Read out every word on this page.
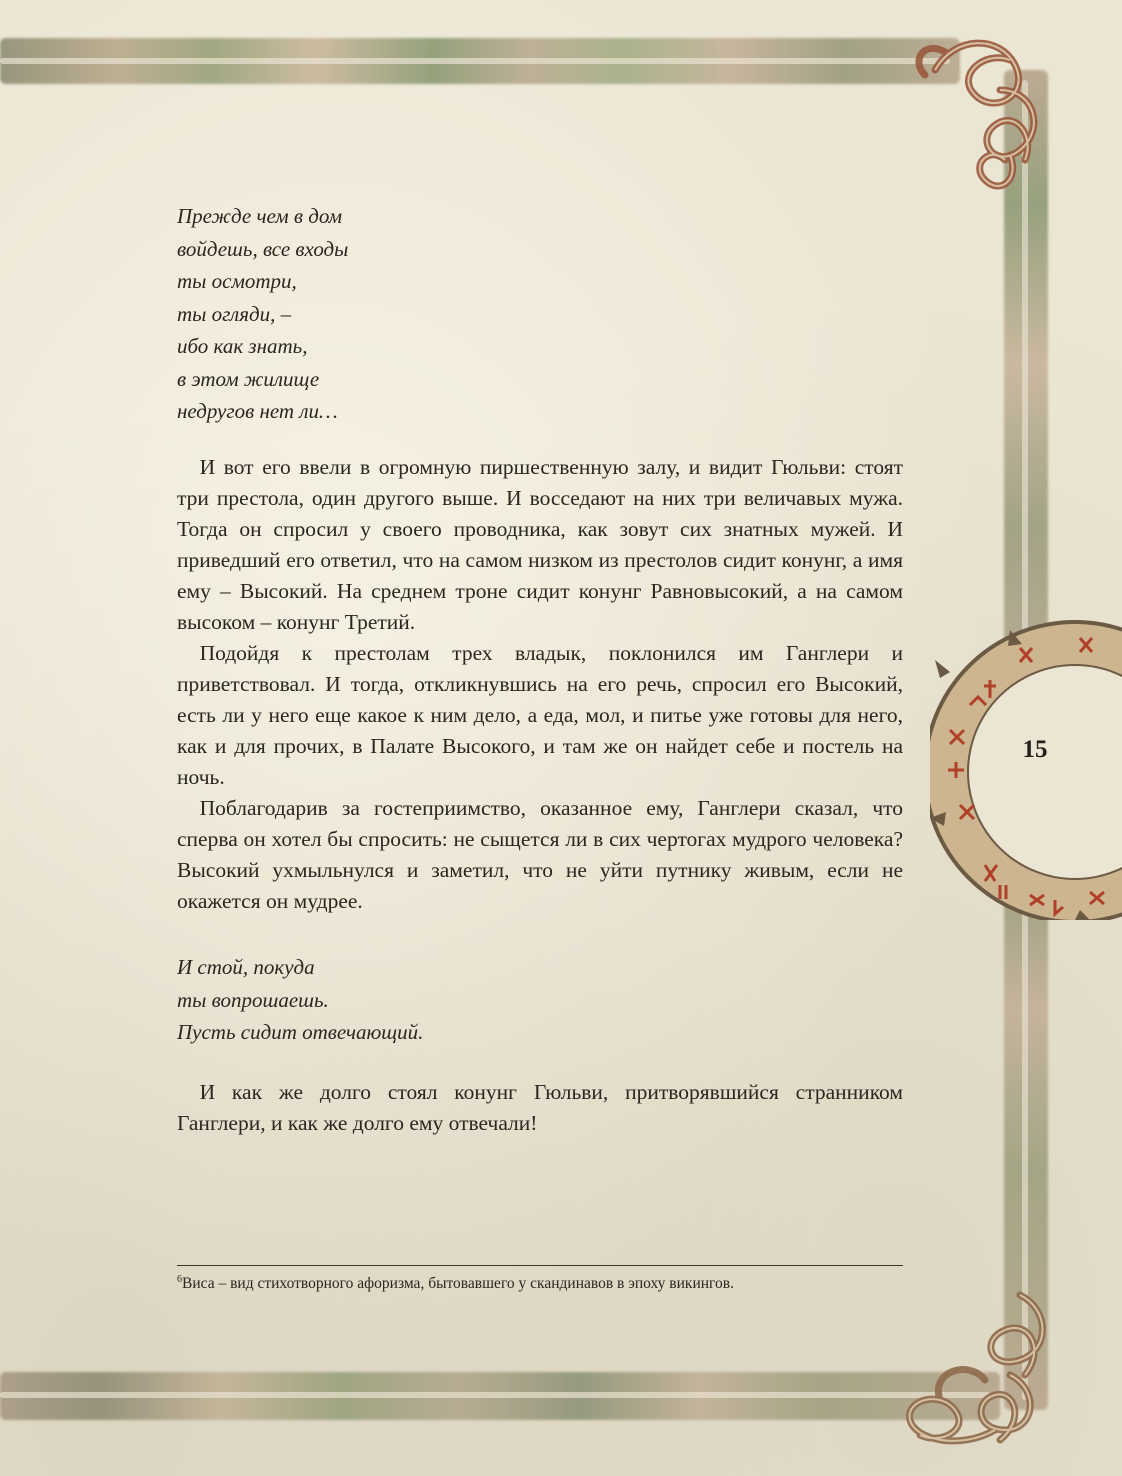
15
Прежде чем в дом
войдешь, все входы
ты осмотри,
ты огляди, –
ибо как знать,
в этом жилище
недругов нет ли…
И вот его ввели в огромную пиршественную залу, и видит Гюльви: стоят три престола, один другого выше. И восседают на них три величавых мужа. Тогда он спросил у своего проводника, как зовут сих знатных мужей. И приведший его ответил, что на самом низком из престолов сидит конунг, а имя ему – Высокий. На среднем троне сидит конунг Равновысокий, а на самом высоком – конунг Третий.
Подойдя к престолам трех владык, поклонился им Ганглери и приветствовал. И тогда, откликнувшись на его речь, спросил его Высокий, есть ли у него еще какое к ним дело, а еда, мол, и питье уже готовы для него, как и для прочих, в Палате Высокого, и там же он найдет себе и постель на ночь.
Поблагодарив за гостеприимство, оказанное ему, Ганглери сказал, что сперва он хотел бы спросить: не сыщется ли в сих чертогах мудрого человека? Высокий ухмыльнулся и заметил, что не уйти путнику живым, если не окажется он мудрее.
И стой, покуда
ты вопрошаешь.
Пусть сидит отвечающий.
И как же долго стоял конунг Гюльви, притворявшийся странником Ганглери, и как же долго ему отвечали!
$^6$Виса – вид стихотворного афоризма, бытовавшего у скандинавов в эпоху викингов.
